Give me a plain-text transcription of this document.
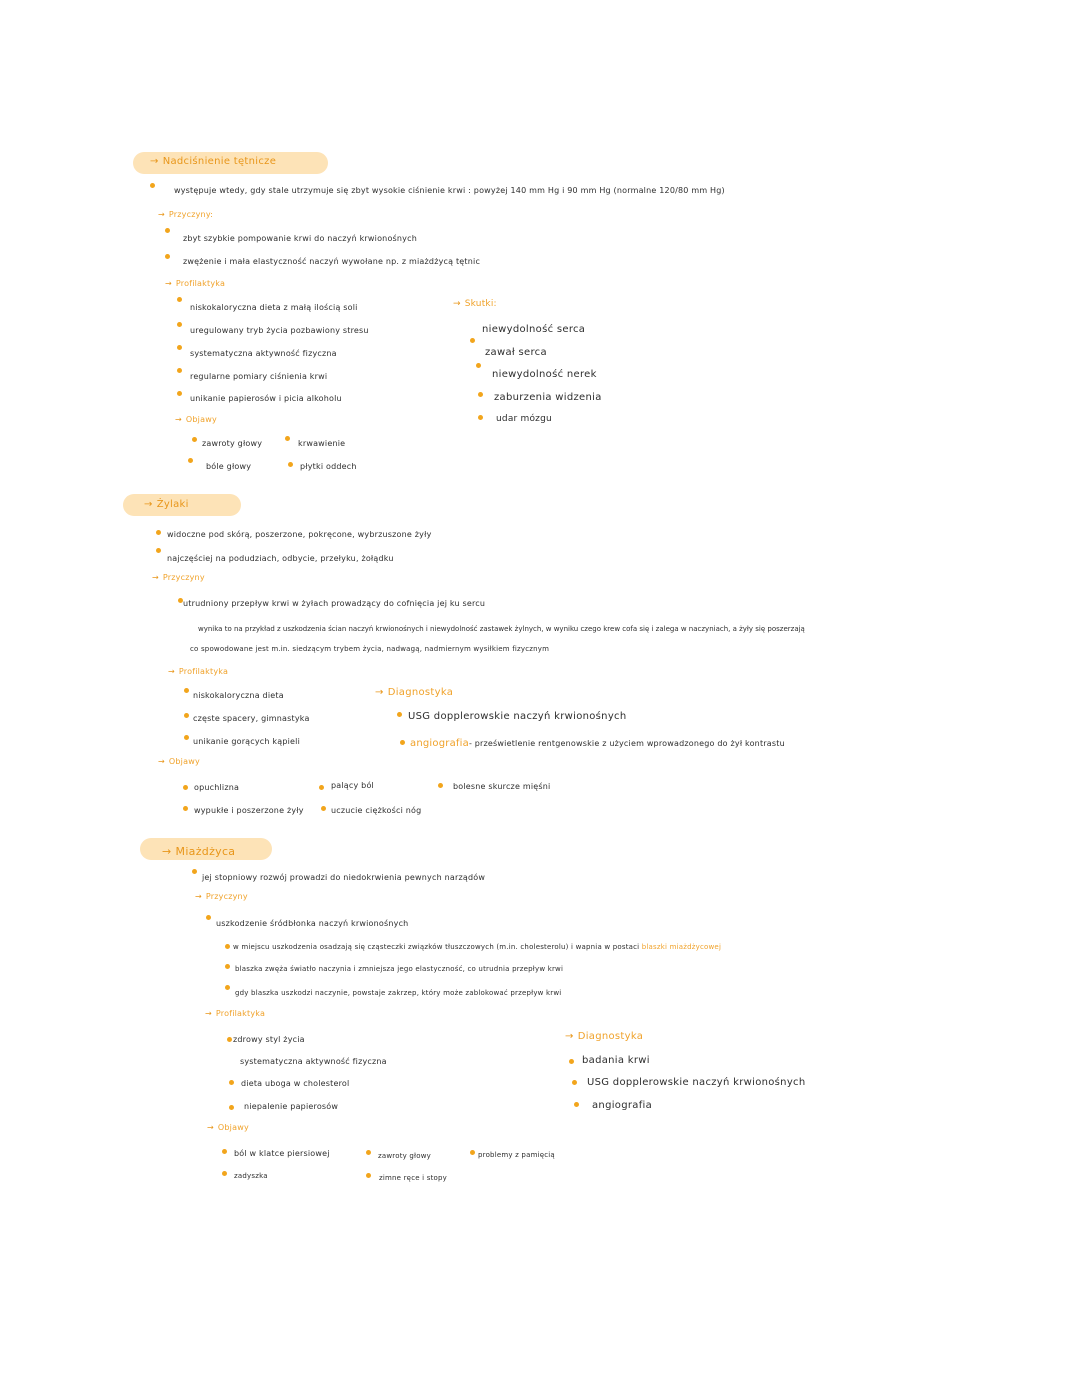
→ Nadciśnienie tętnicze
występuje wtedy, gdy stale utrzymuje się zbyt wysokie ciśnienie krwi : powyżej 140 mm Hg i 90 mm Hg (normalne 120/80 mm Hg)
→ Przyczyny:
zbyt szybkie pompowanie krwi do naczyń krwionośnych
zwężenie i mała elastyczność naczyń wywołane np. z miażdżycą tętnic
→ Profilaktyka
niskokaloryczna dieta z małą ilością soli
uregulowany tryb życia pozbawiony stresu
systematyczna aktywność fizyczna
regularne pomiary ciśnienia krwi
unikanie papierosów i picia alkoholu
→ Objawy
zawroty głowy
bóle głowy
krwawienie
płytki oddech
→ Skutki:
niewydolność serca
zawał serca
niewydolność nerek
zaburzenia widzenia
udar mózgu
→ Żylaki
widoczne pod skórą, poszerzone, pokręcone, wybrzuszone żyły
najczęściej na podudziach, odbycie, przełyku, żołądku
→ Przyczyny
utrudniony przepływ krwi w żyłach prowadzący do cofnięcia jej ku sercu
wynika to na przykład z uszkodzenia ścian naczyń krwionośnych i niewydolność zastawek żylnych, w wyniku czego krew cofa się i zalega w naczyniach, a żyły się poszerzają
co spowodowane jest m.in. siedzącym trybem życia, nadwagą, nadmiernym wysiłkiem fizycznym
→ Profilaktyka
niskokaloryczna dieta
częste spacery, gimnastyka
unikanie gorących kąpieli
→ Diagnostyka
USG dopplerowskie naczyń krwionośnych
angiografia- prześwietlenie rentgenowskie z użyciem wprowadzonego do żył kontrastu
→ Objawy
opuchlizna
wypukłe i poszerzone żyły
palący ból
uczucie ciężkości nóg
bolesne skurcze mięśni
→ Miażdżyca
jej stopniowy rozwój prowadzi do niedokrwienia pewnych narządów
→ Przyczyny
uszkodzenie śródbłonka naczyń krwionośnych
w miejscu uszkodzenia osadzają się cząsteczki związków tłuszczowych (m.in. cholesterolu) i wapnia w postaci blaszki miażdżycowej
blaszka zwęża światło naczynia i zmniejsza jego elastyczność, co utrudnia przepływ krwi
gdy blaszka uszkodzi naczynie, powstaje zakrzep, który może zablokować przepływ krwi
→ Profilaktyka
zdrowy styl życia
systematyczna aktywność fizyczna
dieta uboga w cholesterol
niepalenie papierosów
→ Diagnostyka
badania krwi
USG dopplerowskie naczyń krwionośnych
angiografia
→ Objawy
ból w klatce piersiowej
zadyszka
zawroty głowy
zimne ręce i stopy
problemy z pamięcią
